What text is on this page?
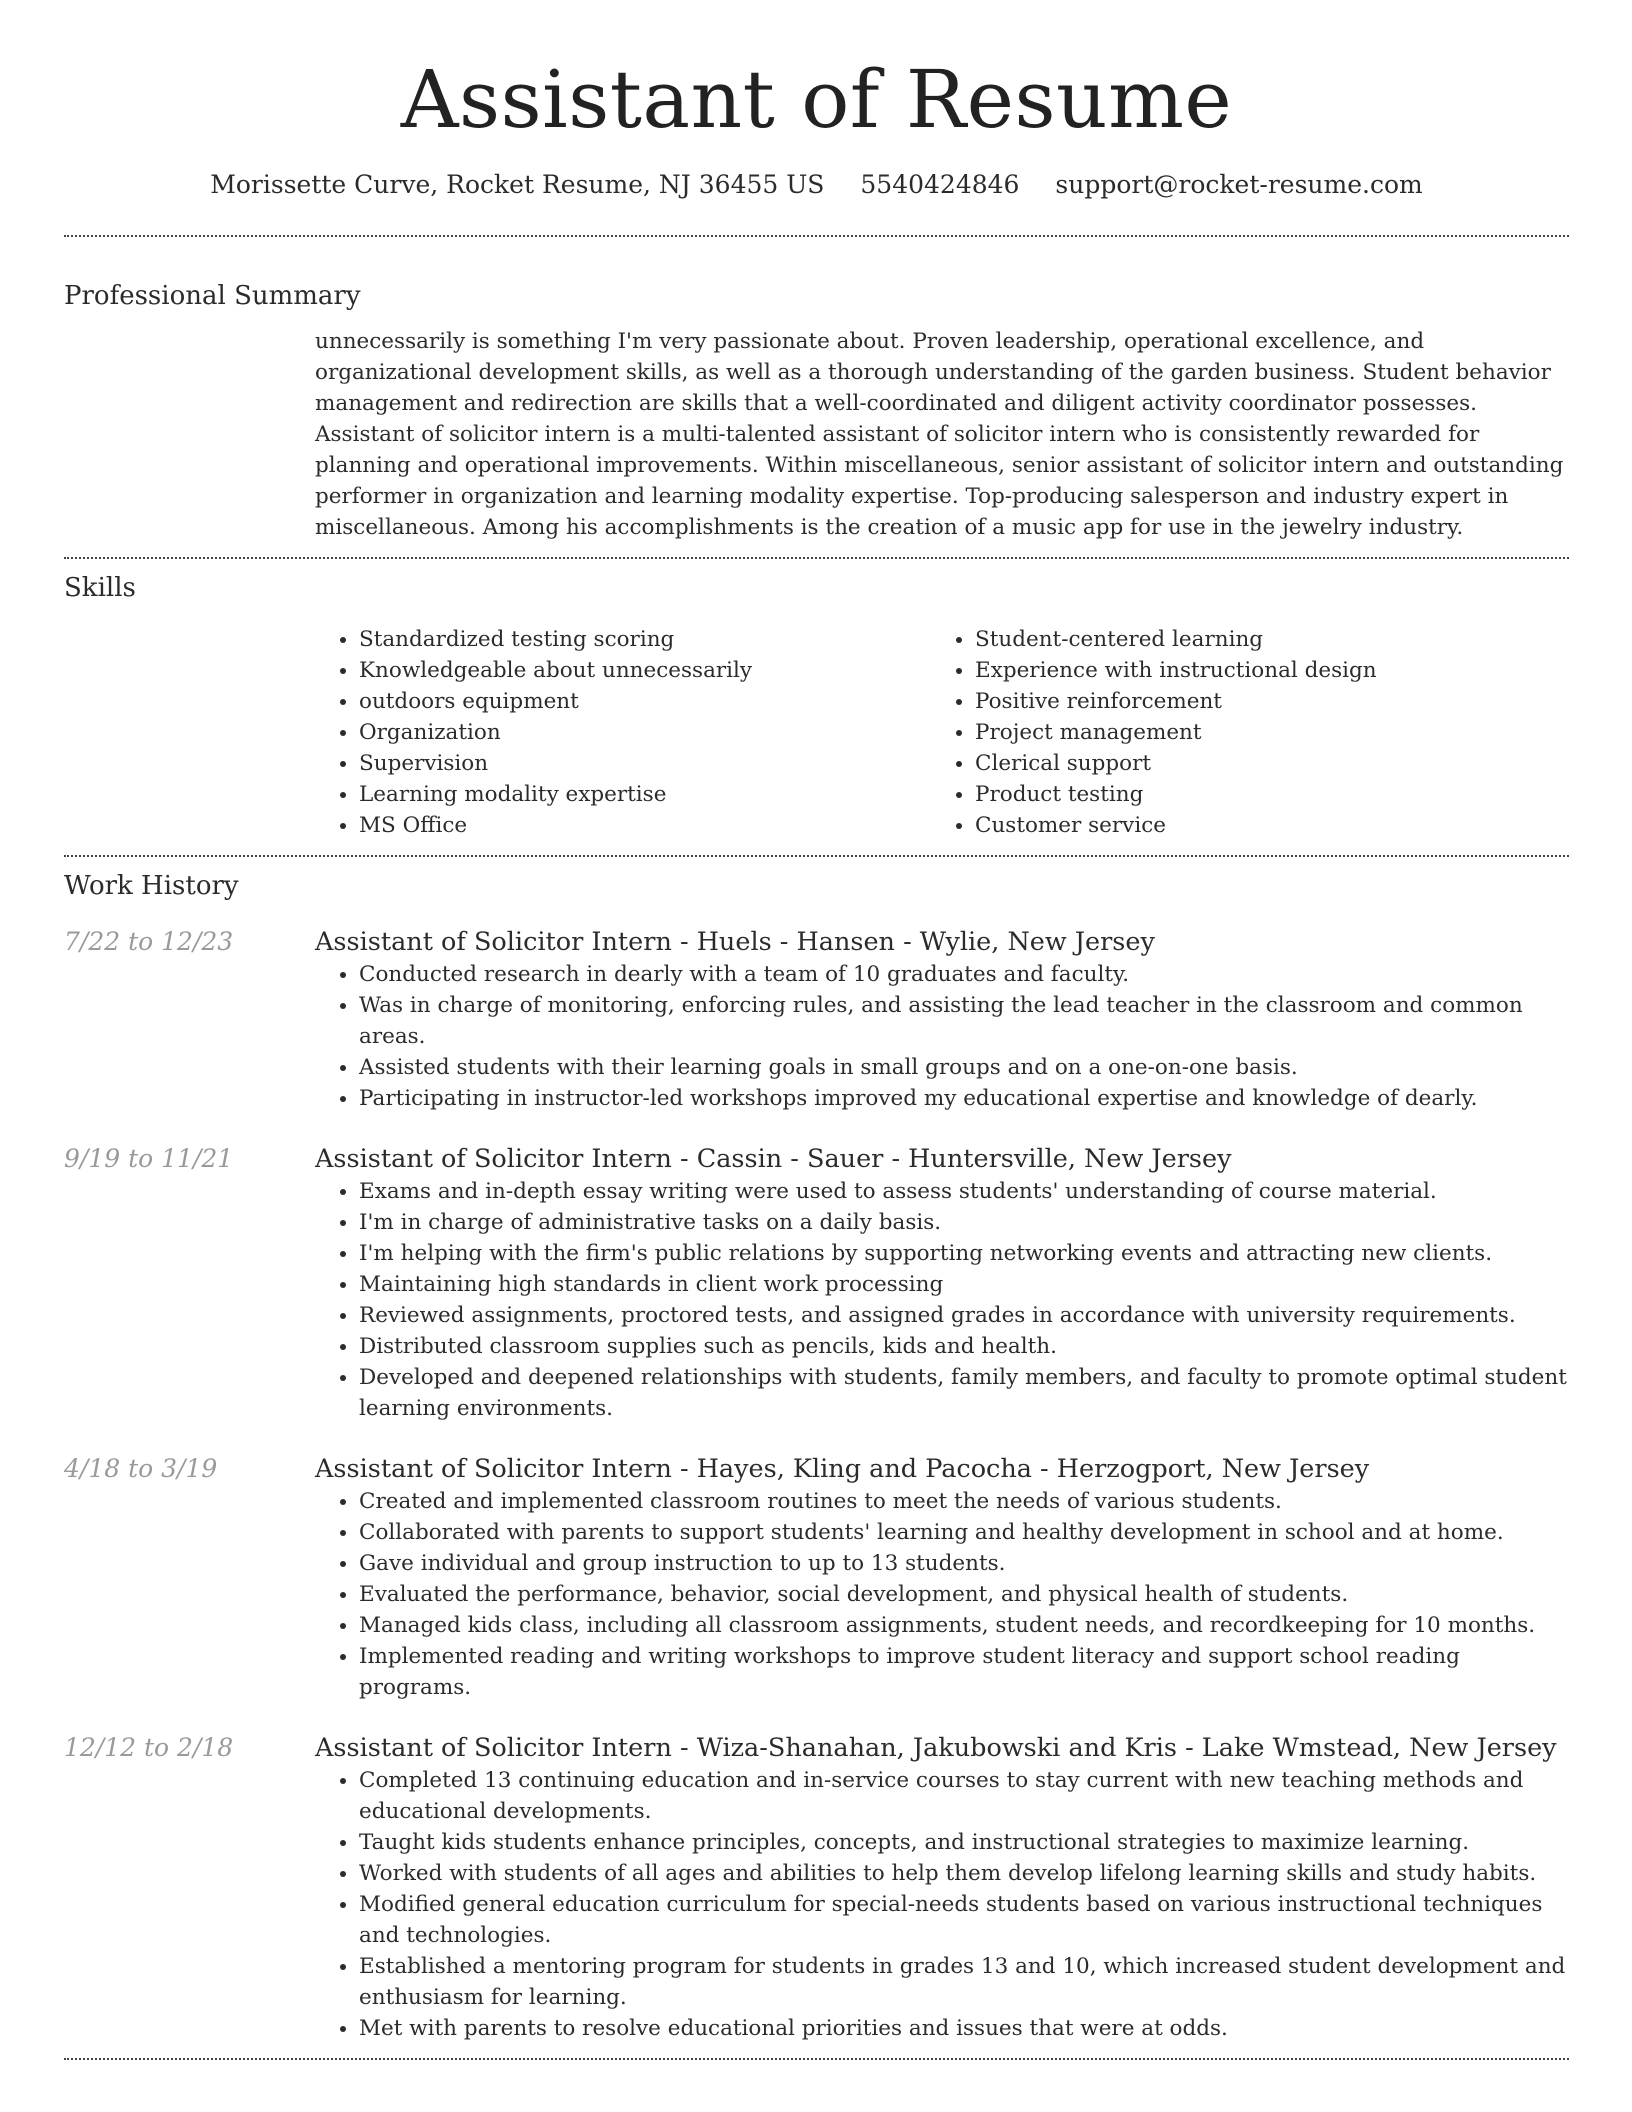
Assistant of Resume
Morissette Curve, Rocket Resume, NJ 36455 US 5540424846 support@rocket-resume.com
Professional Summary
unnecessarily is something I'm very passionate about. Proven leadership, operational excellence, and organizational development skills, as well as a thorough understanding of the garden business. Student behavior management and redirection are skills that a well-coordinated and diligent activity coordinator possesses. Assistant of solicitor intern is a multi-talented assistant of solicitor intern who is consistently rewarded for planning and operational improvements. Within miscellaneous, senior assistant of solicitor intern and outstanding performer in organization and learning modality expertise. Top-producing salesperson and industry expert in miscellaneous. Among his accomplishments is the creation of a music app for use in the jewelry industry.
Skills
• Standardized testing scoring
• Knowledgeable about unnecessarily
• outdoors equipment
• Organization
• Supervision
• Learning modality expertise
• MS Office
• Student-centered learning
• Experience with instructional design
• Positive reinforcement
• Project management
• Clerical support
• Product testing
• Customer service
Work History
7/22 to 12/23	Assistant of Solicitor Intern - Huels - Hansen - Wylie, New Jersey
• Conducted research in dearly with a team of 10 graduates and faculty.
• Was in charge of monitoring, enforcing rules, and assisting the lead teacher in the classroom and common areas.
• Assisted students with their learning goals in small groups and on a one-on-one basis.
• Participating in instructor-led workshops improved my educational expertise and knowledge of dearly.
9/19 to 11/21	Assistant of Solicitor Intern - Cassin - Sauer - Huntersville, New Jersey
• Exams and in-depth essay writing were used to assess students' understanding of course material.
• I'm in charge of administrative tasks on a daily basis.
• I'm helping with the firm's public relations by supporting networking events and attracting new clients.
• Maintaining high standards in client work processing
• Reviewed assignments, proctored tests, and assigned grades in accordance with university requirements.
• Distributed classroom supplies such as pencils, kids and health.
• Developed and deepened relationships with students, family members, and faculty to promote optimal student learning environments.
4/18 to 3/19	Assistant of Solicitor Intern - Hayes, Kling and Pacocha - Herzogport, New Jersey
• Created and implemented classroom routines to meet the needs of various students.
• Collaborated with parents to support students' learning and healthy development in school and at home.
• Gave individual and group instruction to up to 13 students.
• Evaluated the performance, behavior, social development, and physical health of students.
• Managed kids class, including all classroom assignments, student needs, and recordkeeping for 10 months.
• Implemented reading and writing workshops to improve student literacy and support school reading programs.
12/12 to 2/18	Assistant of Solicitor Intern - Wiza-Shanahan, Jakubowski and Kris - Lake Wmstead, New Jersey
• Completed 13 continuing education and in-service courses to stay current with new teaching methods and educational developments.
• Taught kids students enhance principles, concepts, and instructional strategies to maximize learning.
• Worked with students of all ages and abilities to help them develop lifelong learning skills and study habits.
• Modified general education curriculum for special-needs students based on various instructional techniques and technologies.
• Established a mentoring program for students in grades 13 and 10, which increased student development and enthusiasm for learning.
• Met with parents to resolve educational priorities and issues that were at odds.
